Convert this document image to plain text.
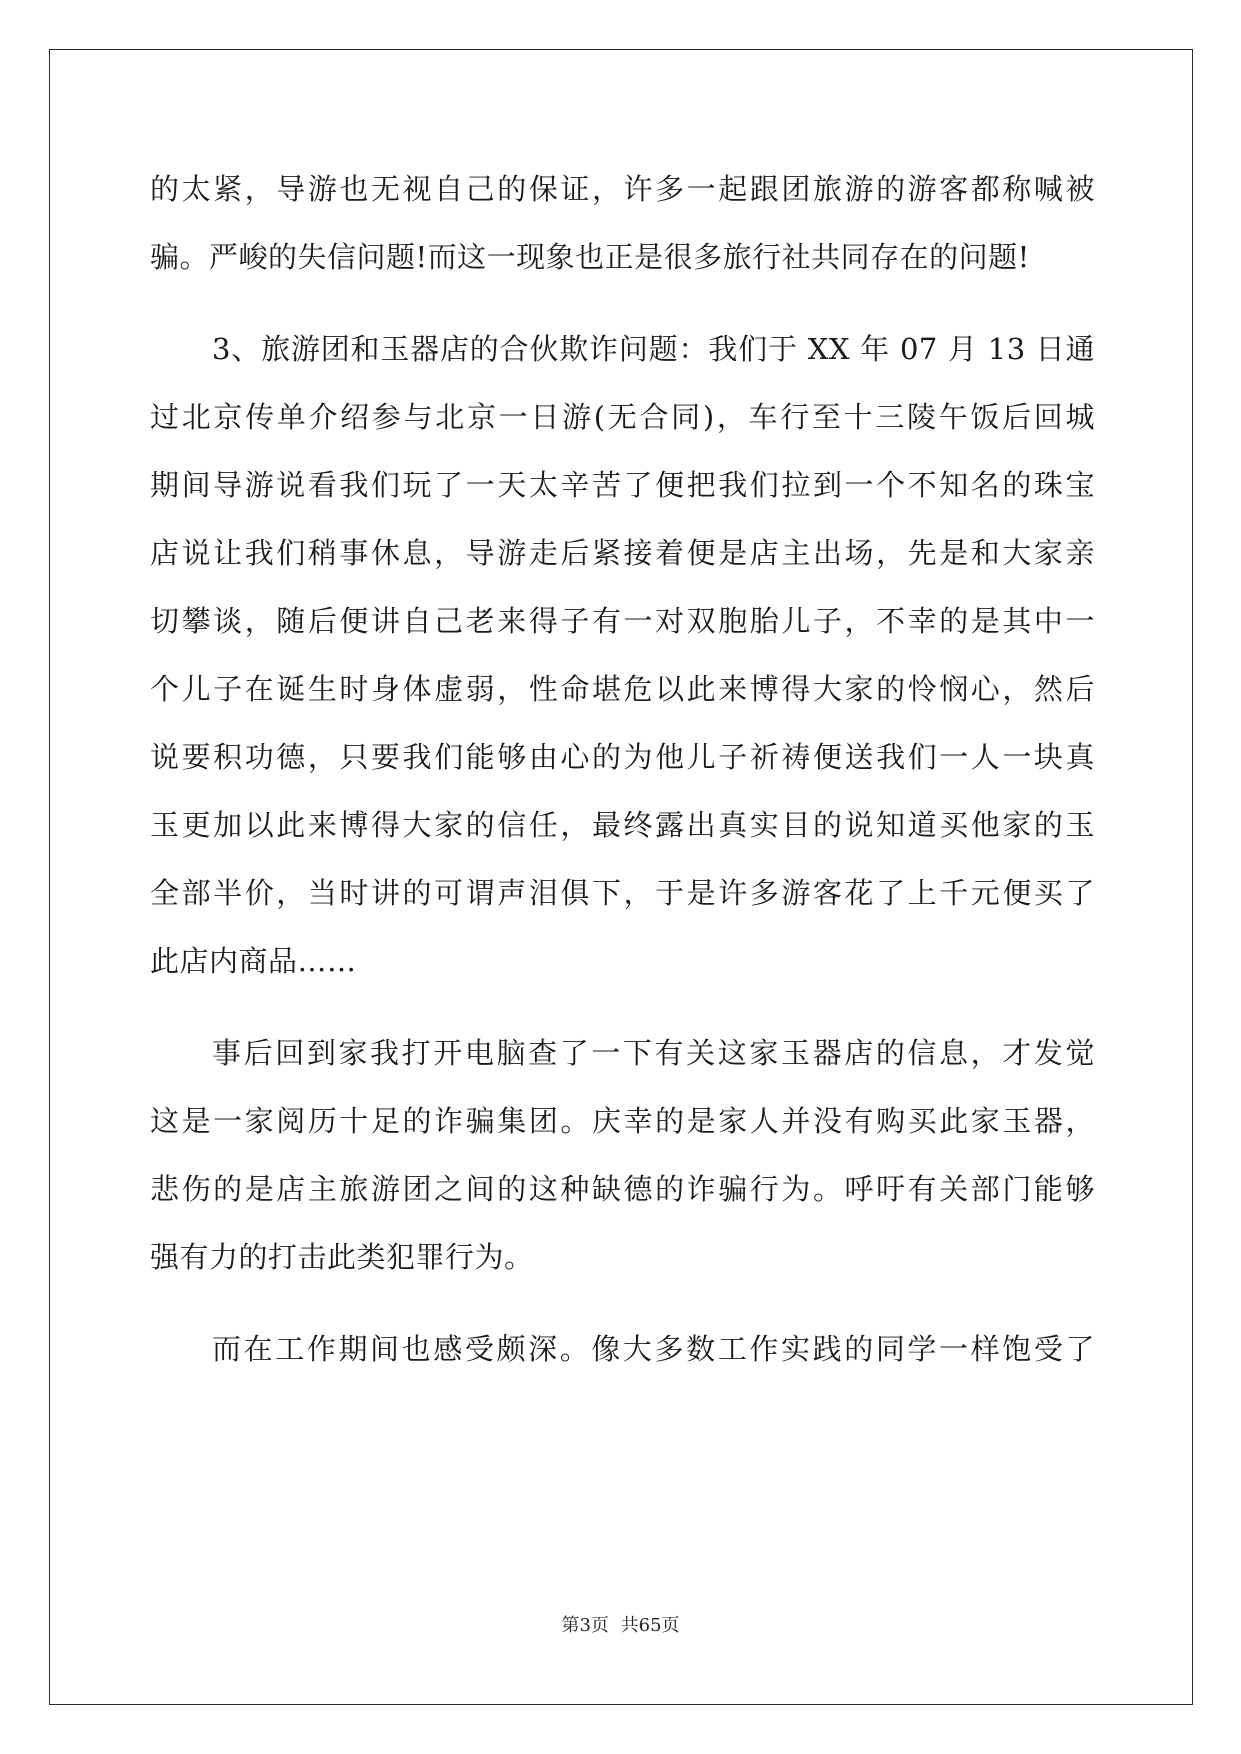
的太紧，导游也无视自己的保证，许多一起跟团旅游的游客都称喊被
骗。严峻的失信问题!而这一现象也正是很多旅行社共同存在的问题!
3、旅游团和玉器店的合伙欺诈问题：我们于 XX 年 07 月 13 日通
过北京传单介绍参与北京一日游(无合同)，车行至十三陵午饭后回城
期间导游说看我们玩了一天太辛苦了便把我们拉到一个不知名的珠宝
店说让我们稍事休息，导游走后紧接着便是店主出场，先是和大家亲
切攀谈，随后便讲自己老来得子有一对双胞胎儿子，不幸的是其中一
个儿子在诞生时身体虚弱，性命堪危以此来博得大家的怜悯心，然后
说要积功德，只要我们能够由心的为他儿子祈祷便送我们一人一块真
玉更加以此来博得大家的信任，最终露出真实目的说知道买他家的玉
全部半价，当时讲的可谓声泪俱下，于是许多游客花了上千元便买了
此店内商品……
事后回到家我打开电脑查了一下有关这家玉器店的信息，才发觉
这是一家阅历十足的诈骗集团。庆幸的是家人并没有购买此家玉器，
悲伤的是店主旅游团之间的这种缺德的诈骗行为。呼吁有关部门能够
强有力的打击此类犯罪行为。
而在工作期间也感受颇深。像大多数工作实践的同学一样饱受了
第3页 共65页
